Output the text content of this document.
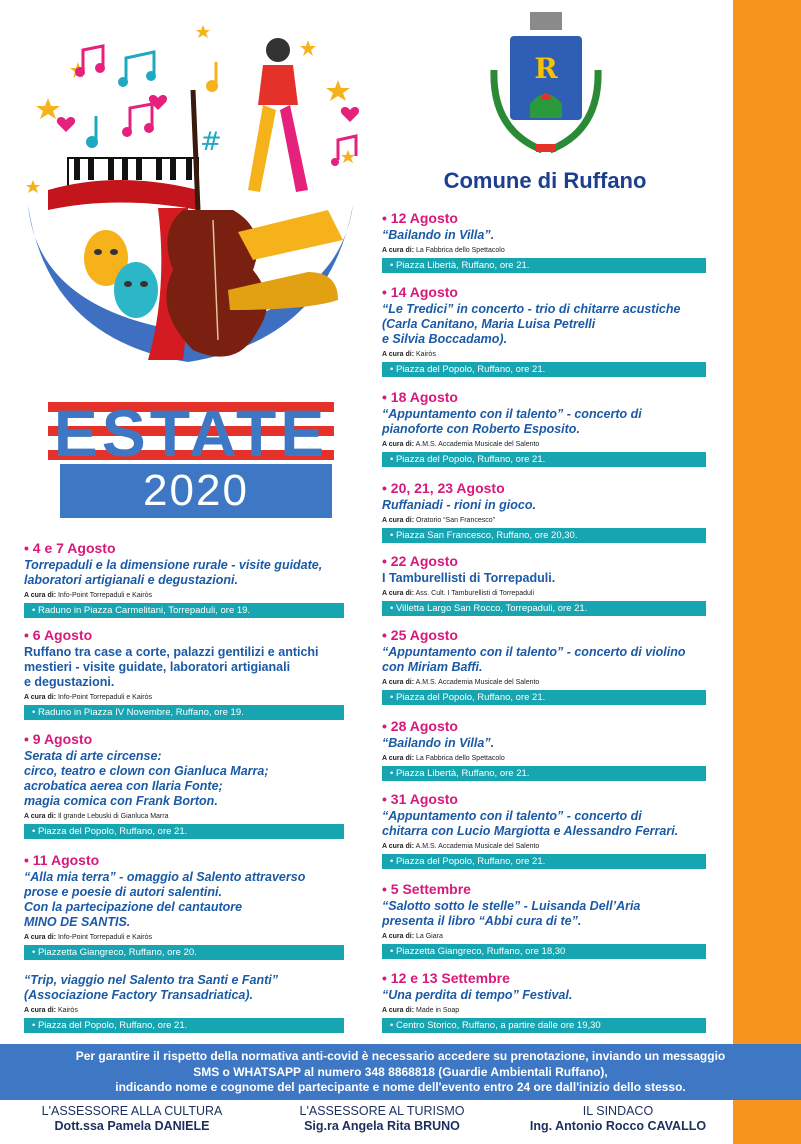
#
ESTATE
2020
R
Comune di Ruffano
• 4 e 7 Agosto
Torrepaduli e la dimensione rurale - visite guidate,
laboratori artigianali e degustazioni.
A cura di: Info-Point Torrepaduli e Kairòs
• Raduno in Piazza Carmelitani, Torrepaduli, ore 19.
• 6 Agosto
Ruffano tra case a corte, palazzi gentilizi e antichi
mestieri - visite guidate, laboratori artigianali
e degustazioni.
A cura di: Info-Point Torrepaduli e Kairòs
• Raduno in Piazza IV Novembre, Ruffano, ore 19.
• 9 Agosto
Serata di arte circense:
circo, teatro e clown con Gianluca Marra;
acrobatica aerea con Ilaria Fonte;
magia comica con Frank Borton.
A cura di: Il grande Lebuski di Gianluca Marra
• Piazza del Popolo, Ruffano, ore 21.
• 11 Agosto
“Alla mia terra” - omaggio al Salento attraverso
prose e poesie di autori salentini.
Con la partecipazione del cantautore
MINO DE SANTIS.
A cura di: Info-Point Torrepaduli e Kairòs
• Piazzetta Giangreco, Ruffano, ore 20.
“Trip, viaggio nel Salento tra Santi e Fanti”
(Associazione Factory Transadriatica).
A cura di: Kairòs
• Piazza del Popolo, Ruffano, ore 21.
• 12 Agosto
“Bailando in Villa”.
A cura di: La Fabbrica dello Spettacolo
• Piazza Libertà, Ruffano, ore 21.
• 14 Agosto
“Le Tredici” in concerto - trio di chitarre acustiche
(Carla Canitano, Maria Luisa Petrelli
e Silvia Boccadamo).
A cura di: Kairòs
• Piazza del Popolo, Ruffano, ore 21.
• 18 Agosto
“Appuntamento con il talento” - concerto di
pianoforte con Roberto Esposito.
A cura di: A.M.S. Accademia Musicale del Salento
• Piazza del Popolo, Ruffano, ore 21.
• 20, 21, 23 Agosto
Ruffaniadi - rioni in gioco.
A cura di: Oratorio “San Francesco”
• Piazza San Francesco, Ruffano, ore 20,30.
• 22 Agosto
I Tamburellisti di Torrepaduli.
A cura di: Ass. Cult. I Tamburellisti di Torrepaduli
• Villetta Largo San Rocco, Torrepaduli, ore 21.
• 25 Agosto
“Appuntamento con il talento” - concerto di violino
con Miriam Baffi.
A cura di: A.M.S. Accademia Musicale del Salento
• Piazza del Popolo, Ruffano, ore 21.
• 28 Agosto
“Bailando in Villa”.
A cura di: La Fabbrica dello Spettacolo
• Piazza Libertà, Ruffano, ore 21.
• 31 Agosto
“Appuntamento con il talento” - concerto di
chitarra con Lucio Margiotta e Alessandro Ferrari.
A cura di: A.M.S. Accademia Musicale del Salento
• Piazza del Popolo, Ruffano, ore 21.
• 5 Settembre
“Salotto sotto le stelle” - Luisanda Dell’Aria
presenta il libro “Abbi cura di te”.
A cura di: La Giara
• Piazzetta Giangreco, Ruffano, ore 18,30
• 12 e 13 Settembre
“Una perdita di tempo” Festival.
A cura di: Made in Soap
• Centro Storico, Ruffano, a partire dalle ore 19,30
Per garantire il rispetto della normativa anti-covid è necessario accedere su prenotazione, inviando un messaggio
SMS o WHATSAPP al numero 348 8868818 (Guardie Ambientali Ruffano),
indicando nome e cognome del partecipante e nome dell'evento entro 24 ore dall'inizio dello stesso.
L'ASSESSORE ALLA CULTURA
Dott.ssa Pamela DANIELE
L'ASSESSORE AL TURISMO
Sig.ra Angela Rita BRUNO
IL SINDACO
Ing. Antonio Rocco CAVALLO
